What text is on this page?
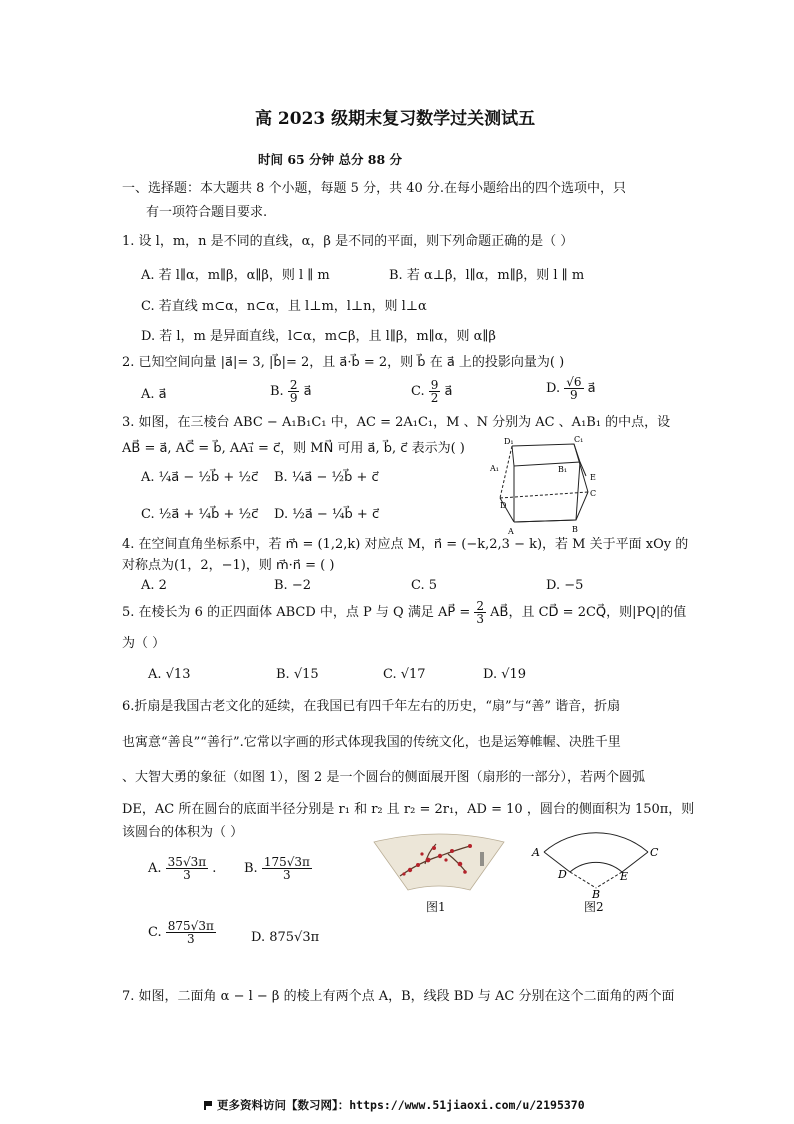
高 2023 级期末复习数学过关测试五
时间 65 分钟 总分 88 分
一、选择题：本大题共 8 个小题，每题 5 分，共 40 分.在每小题给出的四个选项中，只
有一项符合题目要求.
1. 设 l，m，n 是不同的直线，α，β 是不同的平面，则下列命题正确的是（ ）
A. 若 l∥α，m∥β，α∥β，则 l ∥ m	B. 若 α⊥β，l∥α，m∥β，则 l ∥ m
C. 若直线 m⊂α，n⊂α，且 l⊥m，l⊥n，则 l⊥α
D. 若 l，m 是异面直线，l⊂α，m⊂β，且 l∥β，m∥α，则 α∥β
2. 已知空间向量 |a⃗|= 3, |b⃗|= 2，且 a⃗·b⃗ = 2，则 b⃗ 在 a⃗ 上的投影向量为( )
A. a⃗	B. $\frac{2}{9}$ a⃗	C. $\frac{9}{2}$ a⃗	D. $\frac{√6}{9}$ a⃗
3. 如图，在三棱台 ABC − A₁B₁C₁ 中，AC = 2A₁C₁，M 、N 分别为 AC 、A₁B₁ 的中点，设
AB⃗ = a⃗, AC⃗ = b⃗, AA₁⃗ = c⃗，则 MN⃗ 可用 a⃗, b⃗, c⃗ 表示为( )
A. ¼a⃗ − ½b⃗ + ½c⃗ B. ¼a⃗ − ½b⃗ + c⃗
C. ½a⃗ + ¼b⃗ + ½c⃗ D. ½a⃗ − ¼b⃗ + c⃗
D₁
A₁	B₁
C₁
E
D
C
A	B
4. 在空间直角坐标系中，若 m⃗ = (1,2,k) 对应点 M，n⃗ = (−k,2,3 − k)，若 M 关于平面 xOy 的
对称点为(1，2，−1)，则 m⃗·n⃗ = ( )
A. 2	B. −2	C. 5	D. −5
5. 在棱长为 6 的正四面体 ABCD 中，点 P 与 Q 满足 AP⃗ = $\frac{2}{3}$ AB⃗，且 CD⃗ = 2CQ⃗，则|PQ|的值
为（ ）
A. √13	B. √15	C. √17	D. √19
6.折扇是我国古老文化的延续，在我国已有四千年左右的历史，“扇”与“善” 谐音，折扇
也寓意“善良”“善行”.它常以字画的形式体现我国的传统文化，也是运筹帷幄、决胜千里
、大智大勇的象征（如图 1），图 2 是一个圆台的侧面展开图（扇形的一部分），若两个圆弧
DE，AC 所在圆台的底面半径分别是 r₁ 和 r₂ 且 r₂ = 2r₁，AD = 10 ，圆台的侧面积为 150π，则
该圆台的体积为（ ）
A. $\frac{35√3\pi}{3}$ . B. $\frac{175√3\pi}{3}$
C. $\frac{875√3\pi}{3}$	D. 875√3π
图1
A	C
D	E
B
图2
7. 如图，二面角 α − l − β 的棱上有两个点 A，B，线段 BD 与 AC 分别在这个二面角的两个面
更多资料访问【数习网】：https://www.51jiaoxi.com/u/2195370
